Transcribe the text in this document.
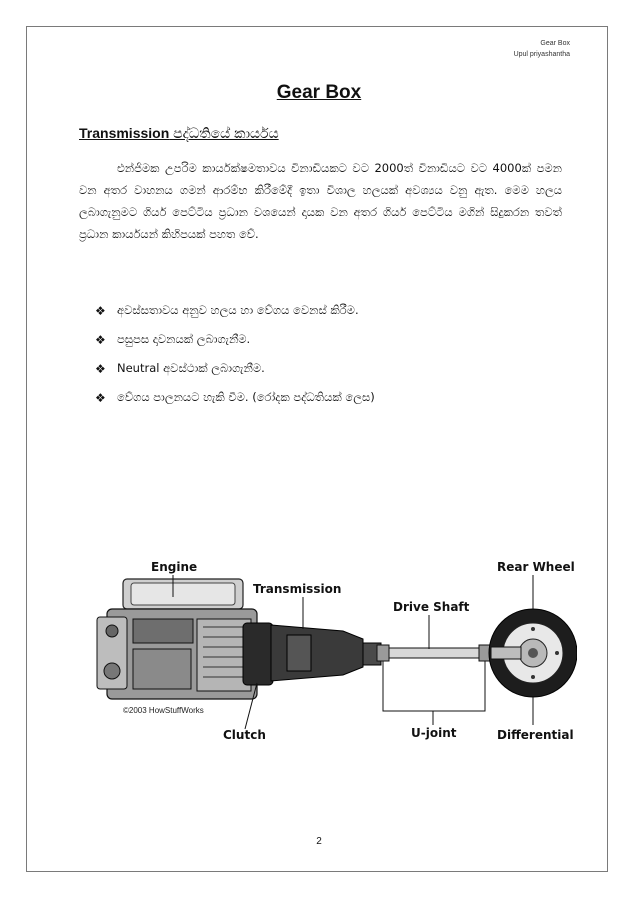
Gear Box
Upul priyashantha
Gear Box
Transmission පද්ධතියේ කාර්යය
එන්ජිමක උපරිම කාර්යක්ෂමතාවය විනාඩියකට වට 2000ත් විනාඩියට වට 4000ක් පමන වන අතර වාහනය ගමන් ආරම්භ කිරීමේදී ඉතා විශාල හලයක් අවශ්‍යය වනු ඇත. මෙම හලය ලබාගැනුමට ගියර් පෙට්ටිය ප්‍රධාන වශයෙන් දායක වන අතර ගියර් පෙට්ටිය මගින් සිදුකරන තවත් ප්‍රධාන කාර්යයන් කිහිපයක් පහත වේ.
❖ අවස්සතාවය අනුව හලය හා වේගය වෙනස් කිරීම.
❖ පසුපස දාවනයක් ලබාගැනීම.
❖ Neutral අවස්ථාක් ලබාගැනීම.
❖ වේගය පාලනයට හැකි වීම. (රෝදක පද්ධතියක් ලෙස)
Engine
Transmission
Drive Shaft
Rear Wheel
Clutch	U-joint	Differential
©2003 HowStuffWorks
2
